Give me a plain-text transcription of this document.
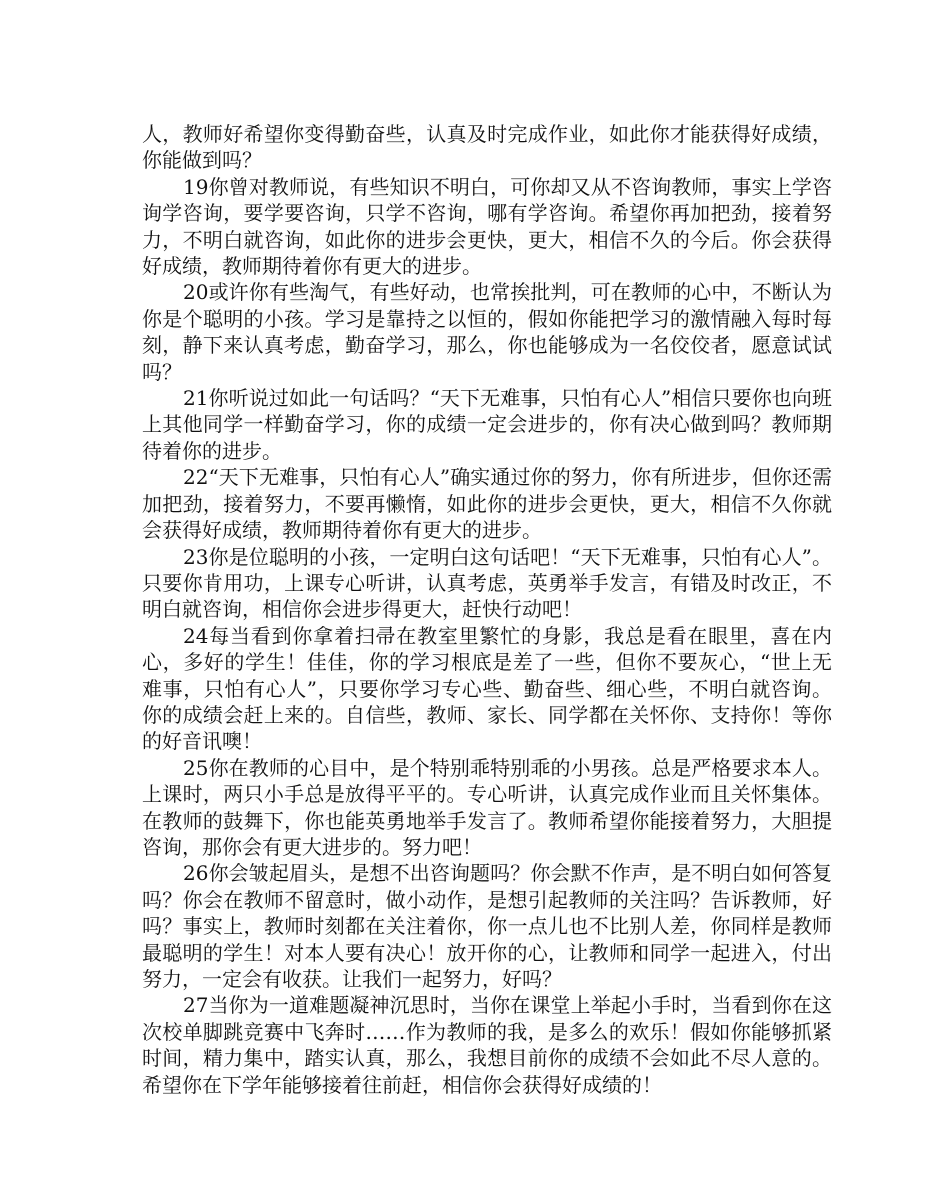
人，教师好希望你变得勤奋些，认真及时完成作业，如此你才能获得好成绩，你能做到吗？

19你曾对教师说，有些知识不明白，可你却又从不咨询教师，事实上学咨询学咨询，要学要咨询，只学不咨询，哪有学咨询。希望你再加把劲，接着努力，不明白就咨询，如此你的进步会更快，更大，相信不久的今后。你会获得好成绩，教师期待着你有更大的进步。

20或许你有些淘气，有些好动，也常挨批判，可在教师的心中，不断认为你是个聪明的小孩。学习是靠持之以恒的，假如你能把学习的激情融入每时每刻，静下来认真考虑，勤奋学习，那么，你也能够成为一名佼佼者，愿意试试吗？

21你听说过如此一句话吗？“天下无难事，只怕有心人”相信只要你也向班上其他同学一样勤奋学习，你的成绩一定会进步的，你有决心做到吗？教师期待着你的进步。

22“天下无难事，只怕有心人”确实通过你的努力，你有所进步，但你还需加把劲，接着努力，不要再懒惰，如此你的进步会更快，更大，相信不久你就会获得好成绩，教师期待着你有更大的进步。

23你是位聪明的小孩，一定明白这句话吧！“天下无难事，只怕有心人”。只要你肯用功，上课专心听讲，认真考虑，英勇举手发言，有错及时改正，不明白就咨询，相信你会进步得更大，赶快行动吧！

24每当看到你拿着扫帚在教室里繁忙的身影，我总是看在眼里，喜在内心，多好的学生！佳佳，你的学习根底是差了一些，但你不要灰心，“世上无难事，只怕有心人”，只要你学习专心些、勤奋些、细心些，不明白就咨询。你的成绩会赶上来的。自信些，教师、家长、同学都在关怀你、支持你！等你的好音讯噢！

25你在教师的心目中，是个特别乖特别乖的小男孩。总是严格要求本人。上课时，两只小手总是放得平平的。专心听讲，认真完成作业而且关怀集体。在教师的鼓舞下，你也能英勇地举手发言了。教师希望你能接着努力，大胆提咨询，那你会有更大进步的。努力吧！

26你会皱起眉头，是想不出咨询题吗？你会默不作声，是不明白如何答复吗？你会在教师不留意时，做小动作，是想引起教师的关注吗？告诉教师，好吗？事实上，教师时刻都在关注着你，你一点儿也不比别人差，你同样是教师最聪明的学生！对本人要有决心！放开你的心，让教师和同学一起进入，付出努力，一定会有收获。让我们一起努力，好吗？

27当你为一道难题凝神沉思时，当你在课堂上举起小手时，当看到你在这次校单脚跳竞赛中飞奔时……作为教师的我，是多么的欢乐！假如你能够抓紧时间，精力集中，踏实认真，那么，我想目前你的成绩不会如此不尽人意的。希望你在下学年能够接着往前赶，相信你会获得好成绩的！
